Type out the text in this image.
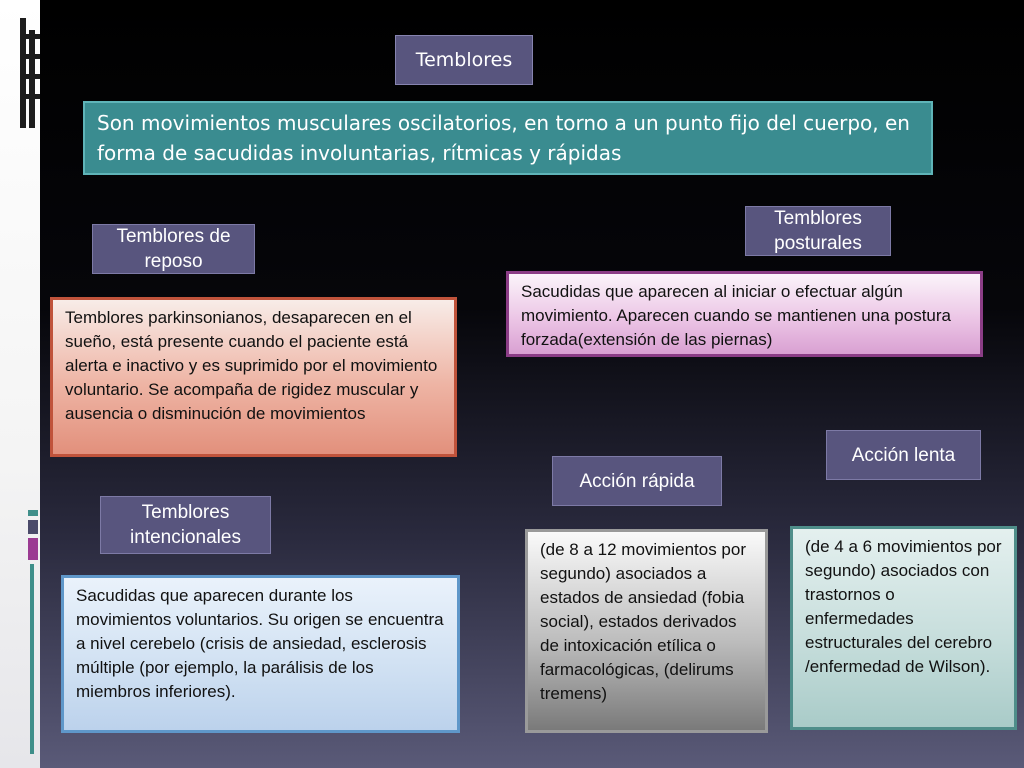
Temblores
Son movimientos musculares oscilatorios, en torno a un punto fijo del cuerpo, en forma de sacudidas involuntarias, rítmicas y rápidas
Temblores de reposo
Temblores parkinsonianos, desaparecen en el sueño, está presente cuando el paciente está alerta e inactivo y es suprimido por el movimiento voluntario. Se acompaña de rigidez muscular y ausencia o disminución de movimientos
Temblores posturales
Sacudidas que aparecen al iniciar o efectuar algún movimiento. Aparecen cuando se mantienen una postura forzada(extensión de las piernas)
Temblores intencionales
Sacudidas que aparecen durante los movimientos voluntarios. Su origen se encuentra a nivel cerebelo (crisis de ansiedad, esclerosis múltiple (por ejemplo, la parálisis de los miembros inferiores).
Acción rápida
(de 8 a 12 movimientos por segundo) asociados a estados de ansiedad (fobia social), estados derivados de intoxicación etílica o farmacológicas, (delirums tremens)
Acción lenta
(de 4 a 6 movimientos por segundo) asociados con trastornos o enfermedades estructurales del cerebro /enfermedad de Wilson).
